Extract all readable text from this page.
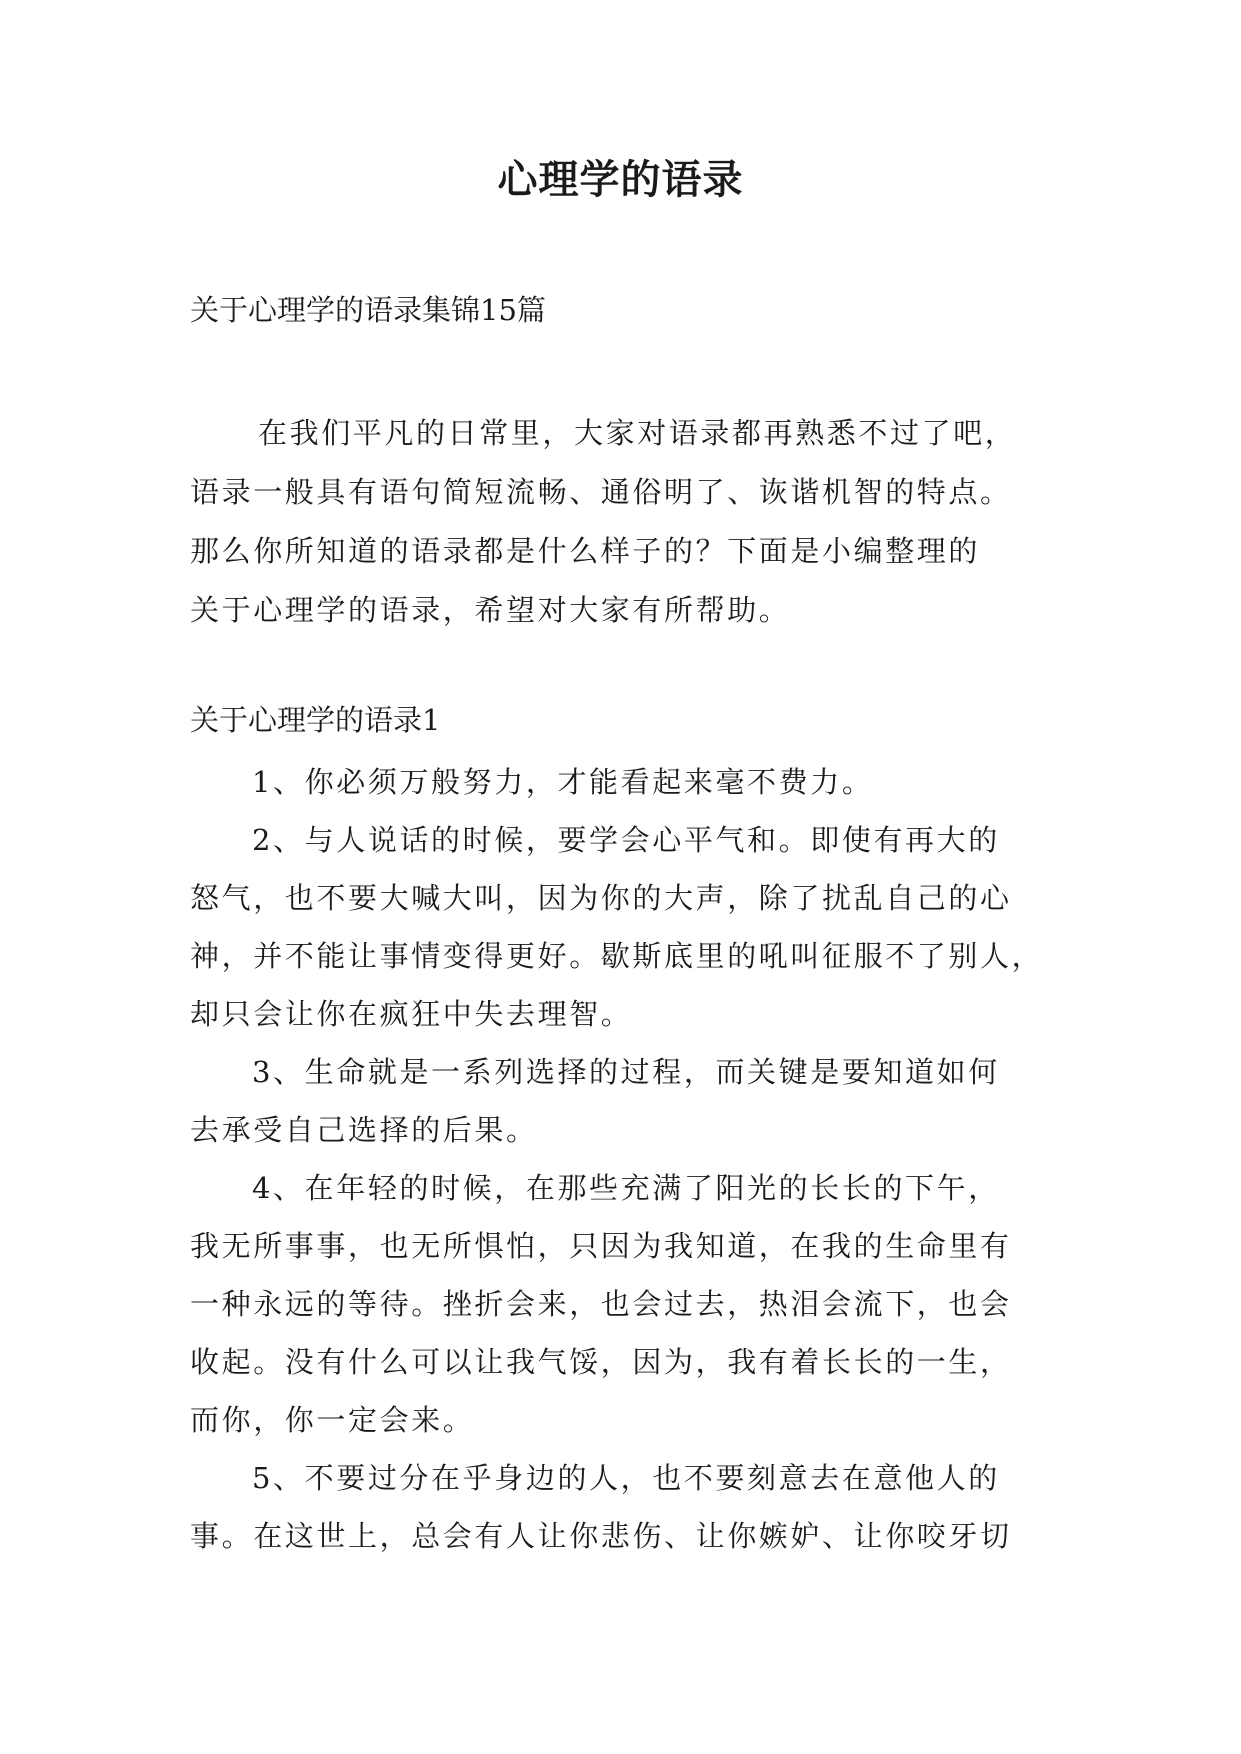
心理学的语录

关于心理学的语录集锦15篇

在我们平凡的日常里，大家对语录都再熟悉不过了吧，
语录一般具有语句简短流畅、通俗明了、诙谐机智的特点。
那么你所知道的语录都是什么样子的？下面是小编整理的
关于心理学的语录，希望对大家有所帮助。

关于心理学的语录1

1、你必须万般努力，才能看起来毫不费力。

2、与人说话的时候，要学会心平气和。即使有再大的
怒气，也不要大喊大叫，因为你的大声，除了扰乱自己的心
神，并不能让事情变得更好。歇斯底里的吼叫征服不了别人，
却只会让你在疯狂中失去理智。

3、生命就是一系列选择的过程，而关键是要知道如何
去承受自己选择的后果。

4、在年轻的时候，在那些充满了阳光的长长的下午，
我无所事事，也无所惧怕，只因为我知道，在我的生命里有
一种永远的等待。挫折会来，也会过去，热泪会流下，也会
收起。没有什么可以让我气馁，因为，我有着长长的一生，
而你，你一定会来。

5、不要过分在乎身边的人，也不要刻意去在意他人的
事。在这世上，总会有人让你悲伤、让你嫉妒、让你咬牙切
